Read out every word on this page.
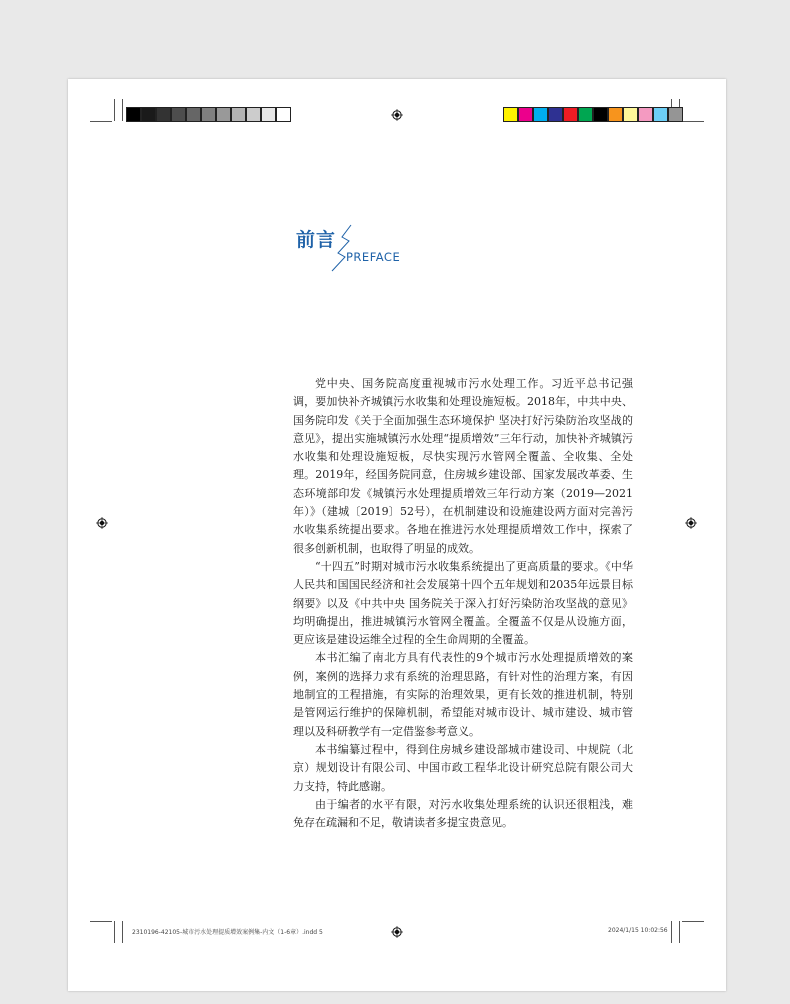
前言
PREFACE

党中央、国务院高度重视城市污水处理工作。习近平总书记强调，要加快补齐城镇污水收集和处理设施短板。2018年，中共中央、国务院印发《关于全面加强生态环境保护 坚决打好污染防治攻坚战的意见》，提出实施城镇污水处理“提质增效”三年行动，加快补齐城镇污水收集和处理设施短板，尽快实现污水管网全覆盖、全收集、全处理。2019年，经国务院同意，住房城乡建设部、国家发展改革委、生态环境部印发《城镇污水处理提质增效三年行动方案（2019—2021年）》（建城〔2019〕52号），在机制建设和设施建设两方面对完善污水收集系统提出要求。各地在推进污水处理提质增效工作中，探索了很多创新机制，也取得了明显的成效。

“十四五”时期对城市污水收集系统提出了更高质量的要求。《中华人民共和国国民经济和社会发展第十四个五年规划和2035年远景目标纲要》以及《中共中央 国务院关于深入打好污染防治攻坚战的意见》均明确提出，推进城镇污水管网全覆盖。全覆盖不仅是从设施方面，更应该是建设运维全过程的全生命周期的全覆盖。

本书汇编了南北方具有代表性的9个城市污水处理提质增效的案例，案例的选择力求有系统的治理思路，有针对性的治理方案，有因地制宜的工程措施，有实际的治理效果，更有长效的推进机制，特别是管网运行维护的保障机制，希望能对城市设计、城市建设、城市管理以及科研教学有一定借鉴参考意义。

本书编纂过程中，得到住房城乡建设部城市建设司、中规院（北京）规划设计有限公司、中国市政工程华北设计研究总院有限公司大力支持，特此感谢。

由于编者的水平有限，对污水收集处理系统的认识还很粗浅，难免存在疏漏和不足，敬请读者多提宝贵意见。

2310196-42105-城市污水处理提质增效案例集-内文（1-6章）.indd 5	2024/1/15 10:02:56
